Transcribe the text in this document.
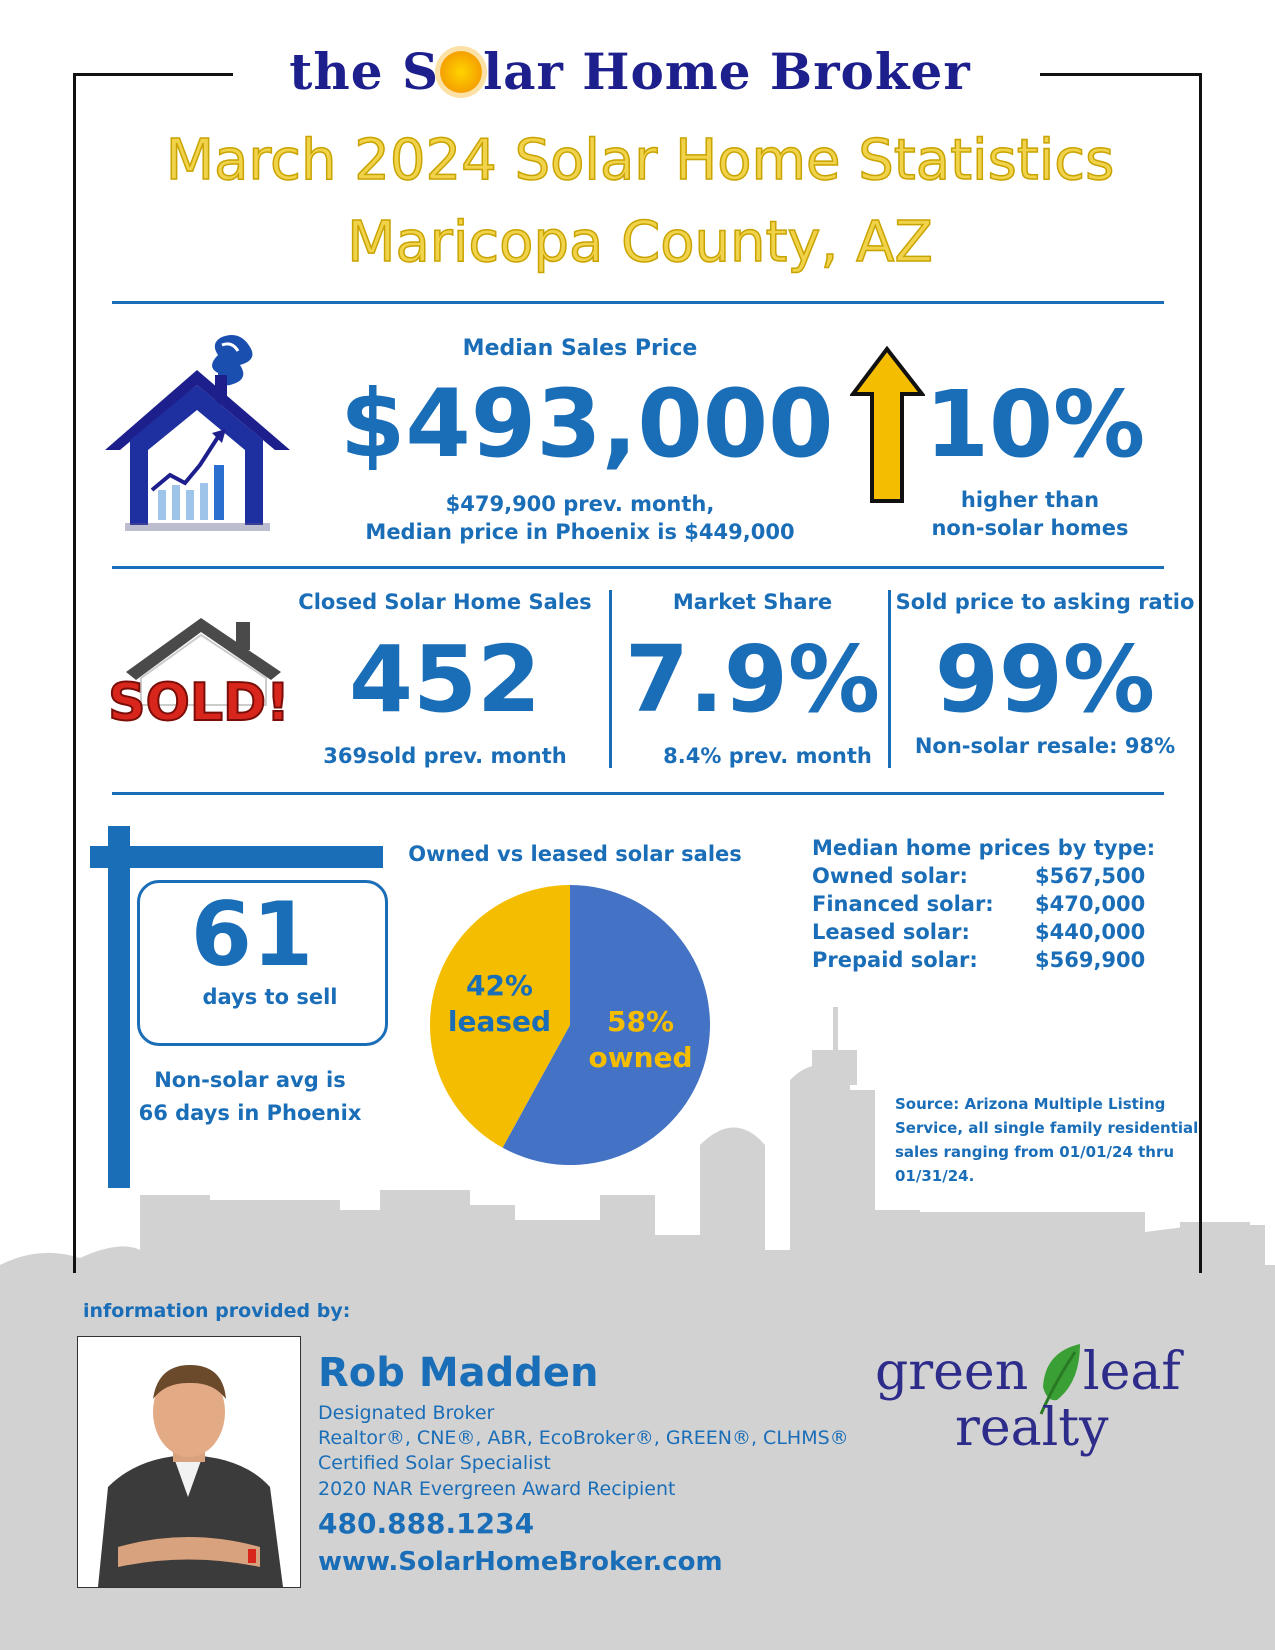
the S lar Home Broker
March 2024 Solar Home Statistics
Maricopa County, AZ
Median Sales Price
$493,000
$479,900 prev. month,
Median price in Phoenix is $449,000
10%
higher than
non-solar homes
SOLD!
Closed Solar Home Sales
452
369sold prev. month
Market Share
7.9%
8.4% prev. month
Sold price to asking ratio
99%
Non-solar resale: 98%
61
days to sell
Non-solar avg is
66 days in Phoenix
Owned vs leased solar sales
58%
owned
42%
leased
Median home prices by type:
Owned solar:	$567,500
Financed solar:	$470,000
Leased solar:	$440,000
Prepaid solar:	$569,900
Source: Arizona Multiple Listing
Service, all single family residential
sales ranging from 01/01/24 thru
01/31/24.
information provided by:
Rob Madden
Designated Broker
Realtor®, CNE®, ABR, EcoBroker®, GREEN®, CLHMS®
Certified Solar Specialist
2020 NAR Evergreen Award Recipient
480.888.1234
www.SolarHomeBroker.com
green leaf
realty
